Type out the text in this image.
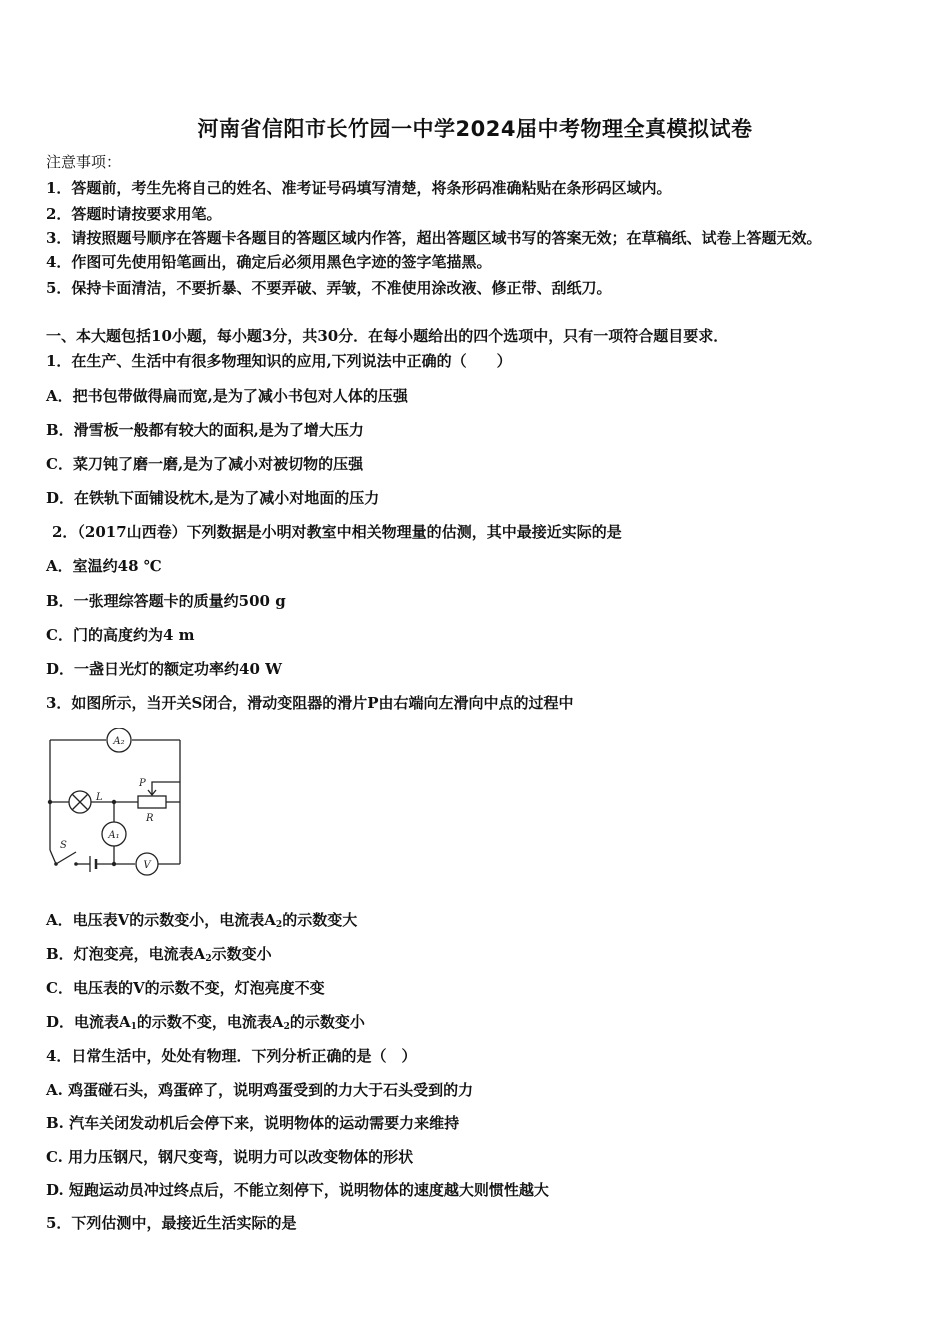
河南省信阳市长竹园一中学2024届中考物理全真模拟试卷
注意事项：
1．答题前，考生先将自己的姓名、准考证号码填写清楚，将条形码准确粘贴在条形码区域内。
2．答题时请按要求用笔。
3．请按照题号顺序在答题卡各题目的答题区域内作答，超出答题区域书写的答案无效；在草稿纸、试卷上答题无效。
4．作图可先使用铅笔画出，确定后必须用黑色字迹的签字笔描黑。
5．保持卡面清洁，不要折暴、不要弄破、弄皱，不准使用涂改液、修正带、刮纸刀。
一、本大题包括10小题，每小题3分，共30分．在每小题给出的四个选项中，只有一项符合题目要求．
1．在生产、生活中有很多物理知识的应用,下列说法中正确的（　　）
A．把书包带做得扁而宽,是为了减小书包对人体的压强
B．滑雪板一般都有较大的面积,是为了增大压力
C．菜刀钝了磨一磨,是为了减小对被切物的压强
D．在铁轨下面铺设枕木,是为了减小对地面的压力
2．（2017山西卷）下列数据是小明对教室中相关物理量的估测，其中最接近实际的是
A．室温约48 ℃
B．一张理综答题卡的质量约500 g
C．门的高度约为4 m
D．一盏日光灯的额定功率约40 W
3．如图所示，当开关S闭合，滑动变阻器的滑片P由右端向左滑向中点的过程中
A₂
A₁
V
L
P
R
S
A．电压表V的示数变小，电流表$A_2$的示数变大
B．灯泡变亮，电流表$A_2$示数变小
C．电压表的V的示数不变，灯泡亮度不变
D．电流表$A_1$的示数不变，电流表$A_2$的示数变小
4．日常生活中，处处有物理．下列分析正确的是（　）
A. 鸡蛋碰石头，鸡蛋碎了，说明鸡蛋受到的力大于石头受到的力
B. 汽车关闭发动机后会停下来，说明物体的运动需要力来维持
C. 用力压钢尺，钢尺变弯，说明力可以改变物体的形状
D. 短跑运动员冲过终点后，不能立刻停下，说明物体的速度越大则惯性越大
5．下列估测中，最接近生活实际的是
